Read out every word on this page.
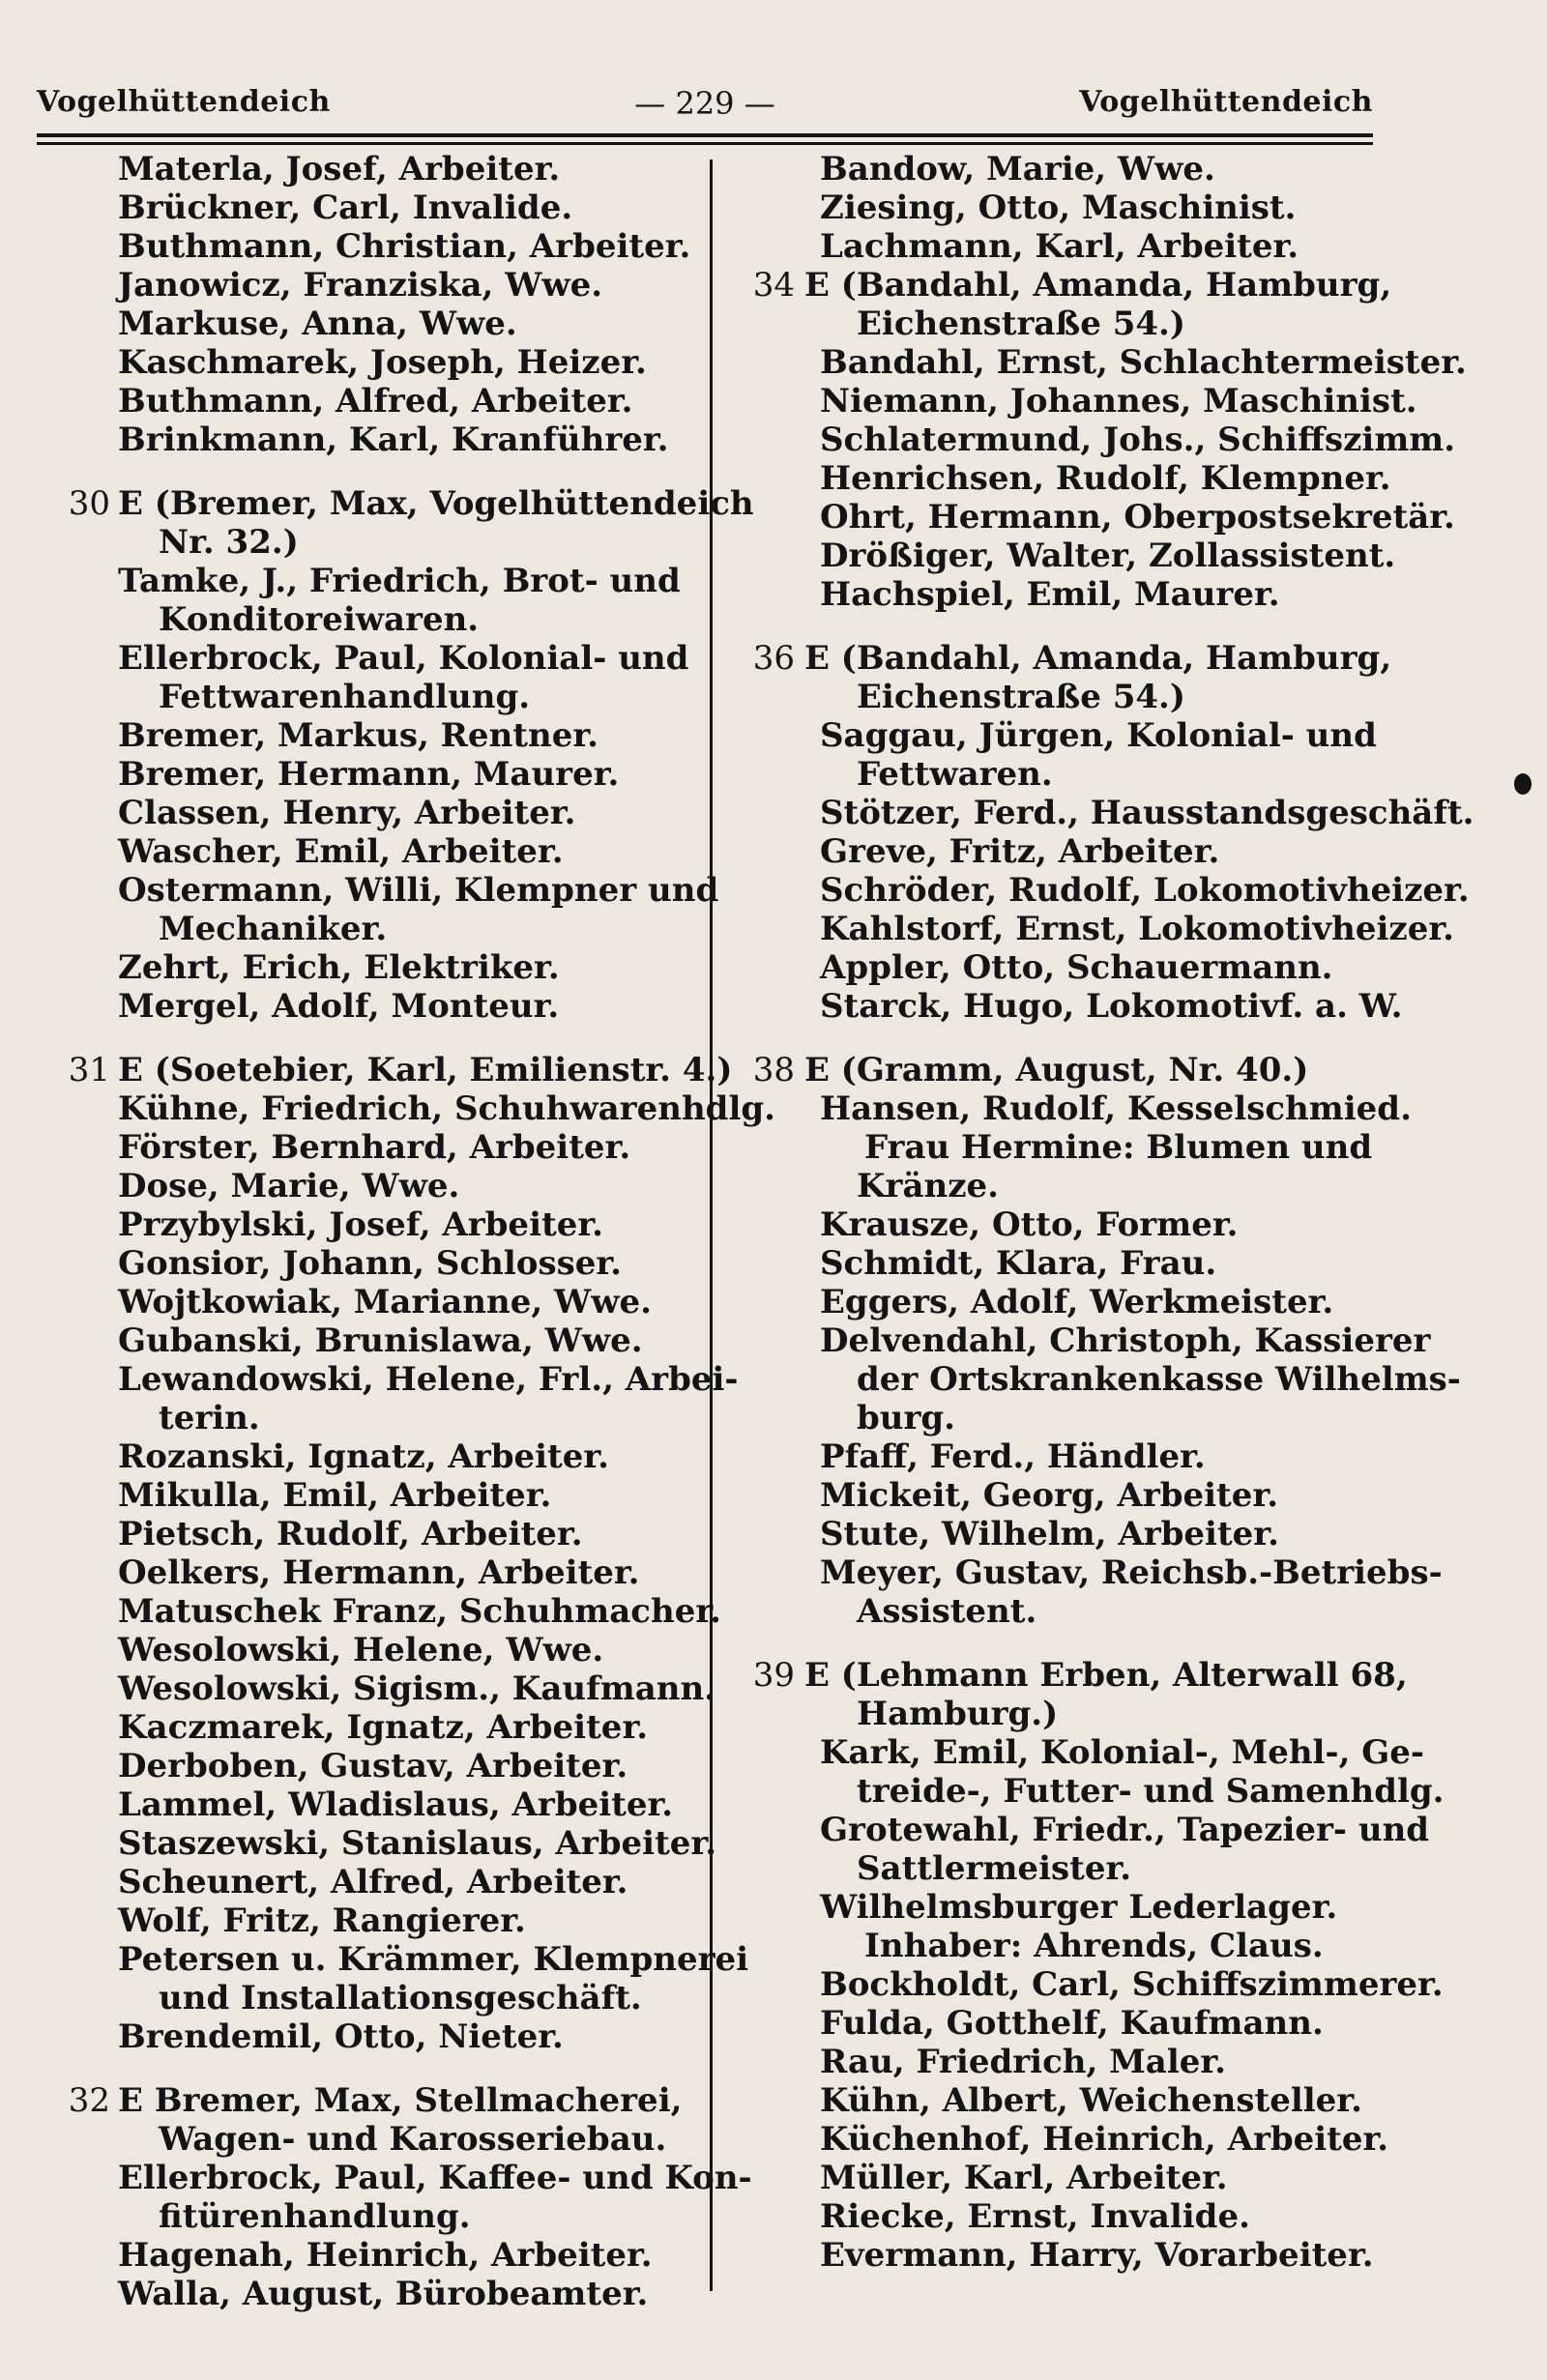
Vogelhüttendeich	— 229 —	Vogelhüttendeich
Materla, Josef, Arbeiter.
Brückner, Carl, Invalide.
Buthmann, Christian, Arbeiter.
Janowicz, Franziska, Wwe.
Markuse, Anna, Wwe.
Kaschmarek, Joseph, Heizer.
Buthmann, Alfred, Arbeiter.
Brinkmann, Karl, Kranführer.
30 E (Bremer, Max, Vogelhüttendeich
Nr. 32.)
Tamke, J., Friedrich, Brot- und
Konditoreiwaren.
Ellerbrock, Paul, Kolonial- und
Fettwarenhandlung.
Bremer, Markus, Rentner.
Bremer, Hermann, Maurer.
Classen, Henry, Arbeiter.
Wascher, Emil, Arbeiter.
Ostermann, Willi, Klempner und
Mechaniker.
Zehrt, Erich, Elektriker.
Mergel, Adolf, Monteur.
31 E (Soetebier, Karl, Emilienstr. 4.)
Kühne, Friedrich, Schuhwarenhdlg.
Förster, Bernhard, Arbeiter.
Dose, Marie, Wwe.
Przybylski, Josef, Arbeiter.
Gonsior, Johann, Schlosser.
Wojtkowiak, Marianne, Wwe.
Gubanski, Brunislawa, Wwe.
Lewandowski, Helene, Frl., Arbei-
terin.
Rozanski, Ignatz, Arbeiter.
Mikulla, Emil, Arbeiter.
Pietsch, Rudolf, Arbeiter.
Oelkers, Hermann, Arbeiter.
Matuschek Franz, Schuhmacher.
Wesolowski, Helene, Wwe.
Wesolowski, Sigism., Kaufmann.
Kaczmarek, Ignatz, Arbeiter.
Derboben, Gustav, Arbeiter.
Lammel, Wladislaus, Arbeiter.
Staszewski, Stanislaus, Arbeiter.
Scheunert, Alfred, Arbeiter.
Wolf, Fritz, Rangierer.
Petersen u. Krämmer, Klempnerei
und Installationsgeschäft.
Brendemil, Otto, Nieter.
32 E Bremer, Max, Stellmacherei,
Wagen- und Karosseriebau.
Ellerbrock, Paul, Kaffee- und Kon-
fitürenhandlung.
Hagenah, Heinrich, Arbeiter.
Walla, August, Bürobeamter.
Bandow, Marie, Wwe.
Ziesing, Otto, Maschinist.
Lachmann, Karl, Arbeiter.
34 E (Bandahl, Amanda, Hamburg,
Eichenstraße 54.)
Bandahl, Ernst, Schlachtermeister.
Niemann, Johannes, Maschinist.
Schlatermund, Johs., Schiffszimm.
Henrichsen, Rudolf, Klempner.
Ohrt, Hermann, Oberpostsekretär.
Drößiger, Walter, Zollassistent.
Hachspiel, Emil, Maurer.
36 E (Bandahl, Amanda, Hamburg,
Eichenstraße 54.)
Saggau, Jürgen, Kolonial- und
Fettwaren.
Stötzer, Ferd., Hausstandsgeschäft.
Greve, Fritz, Arbeiter.
Schröder, Rudolf, Lokomotivheizer.
Kahlstorf, Ernst, Lokomotivheizer.
Appler, Otto, Schauermann.
Starck, Hugo, Lokomotivf. a. W.
38 E (Gramm, August, Nr. 40.)
Hansen, Rudolf, Kesselschmied.
Frau Hermine: Blumen und
Kränze.
Krausze, Otto, Former.
Schmidt, Klara, Frau.
Eggers, Adolf, Werkmeister.
Delvendahl, Christoph, Kassierer
der Ortskrankenkasse Wilhelms-
burg.
Pfaff, Ferd., Händler.
Mickeit, Georg, Arbeiter.
Stute, Wilhelm, Arbeiter.
Meyer, Gustav, Reichsb.-Betriebs-
Assistent.
39 E (Lehmann Erben, Alterwall 68,
Hamburg.)
Kark, Emil, Kolonial-, Mehl-, Ge-
treide-, Futter- und Samenhdlg.
Grotewahl, Friedr., Tapezier- und
Sattlermeister.
Wilhelmsburger Lederlager.
Inhaber: Ahrends, Claus.
Bockholdt, Carl, Schiffszimmerer.
Fulda, Gotthelf, Kaufmann.
Rau, Friedrich, Maler.
Kühn, Albert, Weichensteller.
Küchenhof, Heinrich, Arbeiter.
Müller, Karl, Arbeiter.
Riecke, Ernst, Invalide.
Evermann, Harry, Vorarbeiter.
